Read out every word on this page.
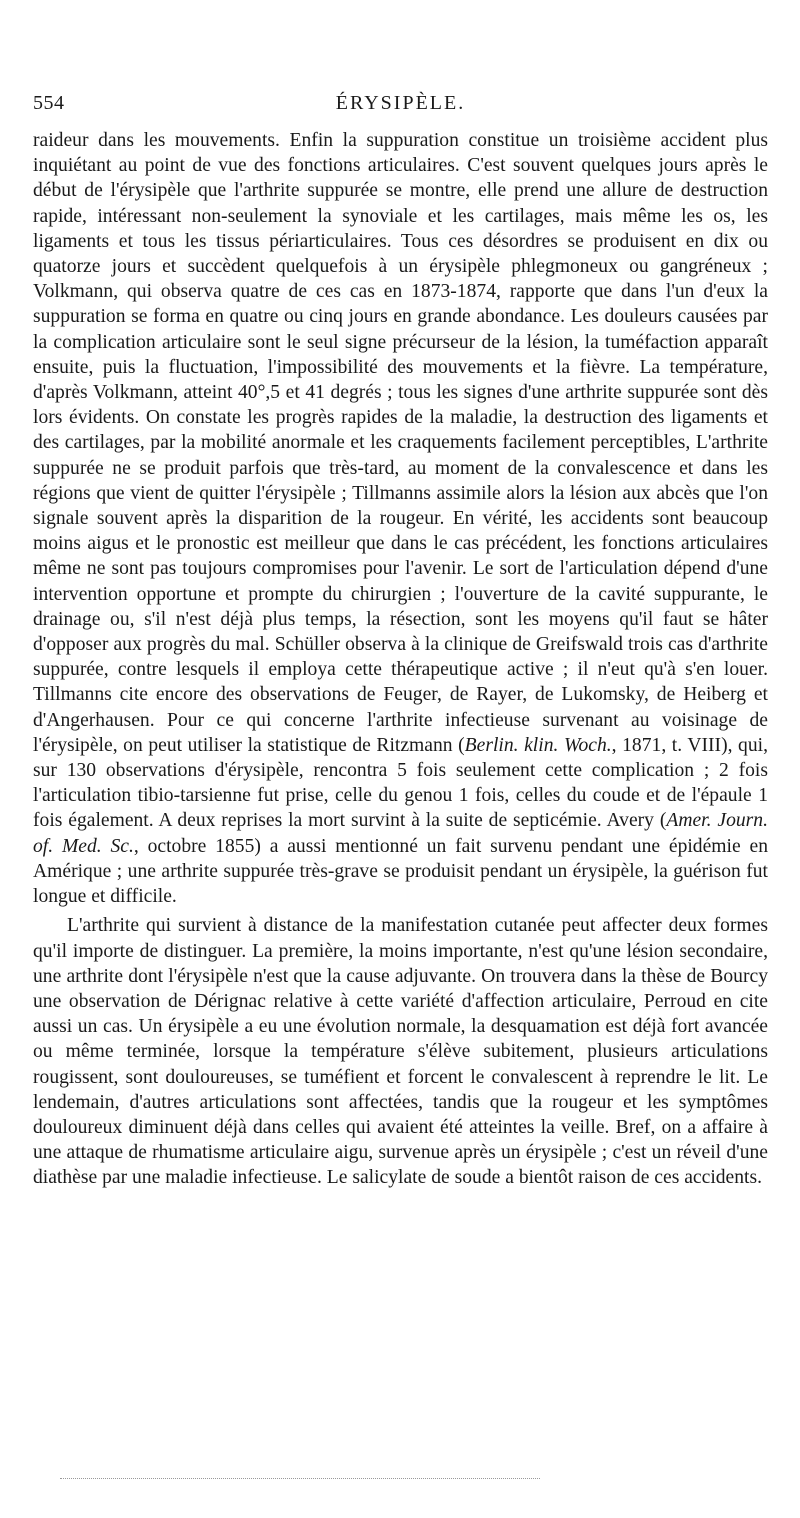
554	ÉRYSIPÈLE.

raideur dans les mouvements. Enfin la suppuration constitue un troisième accident plus inquiétant au point de vue des fonctions articulaires. C'est souvent quelques jours après le début de l'érysipèle que l'arthrite suppurée se montre, elle prend une allure de destruction rapide, intéressant non-seulement la synoviale et les cartilages, mais même les os, les ligaments et tous les tissus périarticulaires. Tous ces désordres se produisent en dix ou quatorze jours et succèdent quelquefois à un érysipèle phlegmoneux ou gangréneux ; Volkmann, qui observa quatre de ces cas en 1873-1874, rapporte que dans l'un d'eux la suppuration se forma en quatre ou cinq jours en grande abondance. Les douleurs causées par la complication articulaire sont le seul signe précurseur de la lésion, la tuméfaction apparaît ensuite, puis la fluctuation, l'impossibilité des mouvements et la fièvre. La température, d'après Volkmann, atteint 40°,5 et 41 degrés ; tous les signes d'une arthrite suppurée sont dès lors évidents. On constate les progrès rapides de la maladie, la destruction des ligaments et des cartilages, par la mobilité anormale et les craquements facilement perceptibles, L'arthrite suppurée ne se produit parfois que très-tard, au moment de la convalescence et dans les régions que vient de quitter l'érysipèle ; Tillmanns assimile alors la lésion aux abcès que l'on signale souvent après la disparition de la rougeur. En vérité, les accidents sont beaucoup moins aigus et le pronostic est meilleur que dans le cas précédent, les fonctions articulaires même ne sont pas toujours compromises pour l'avenir. Le sort de l'articulation dépend d'une intervention opportune et prompte du chirurgien ; l'ouverture de la cavité suppurante, le drainage ou, s'il n'est déjà plus temps, la résection, sont les moyens qu'il faut se hâter d'opposer aux progrès du mal. Schüller observa à la clinique de Greifswald trois cas d'arthrite suppurée, contre lesquels il employa cette thérapeutique active ; il n'eut qu'à s'en louer. Tillmanns cite encore des observations de Feuger, de Rayer, de Lukomsky, de Heiberg et d'Angerhausen. Pour ce qui concerne l'arthrite infectieuse survenant au voisinage de l'érysipèle, on peut utiliser la statistique de Ritzmann (Berlin. klin. Woch., 1871, t. VIII), qui, sur 130 observations d'érysipèle, rencontra 5 fois seulement cette complication ; 2 fois l'articulation tibio-tarsienne fut prise, celle du genou 1 fois, celles du coude et de l'épaule 1 fois également. A deux reprises la mort survint à la suite de septicémie. Avery (Amer. Journ. of. Med. Sc., octobre 1855) a aussi mentionné un fait survenu pendant une épidémie en Amérique ; une arthrite suppurée très-grave se produisit pendant un érysipèle, la guérison fut longue et difficile.

L'arthrite qui survient à distance de la manifestation cutanée peut affecter deux formes qu'il importe de distinguer. La première, la moins importante, n'est qu'une lésion secondaire, une arthrite dont l'érysipèle n'est que la cause adjuvante. On trouvera dans la thèse de Bourcy une observation de Dérignac relative à cette variété d'affection articulaire, Perroud en cite aussi un cas. Un érysipèle a eu une évolution normale, la desquamation est déjà fort avancée ou même terminée, lorsque la température s'élève subitement, plusieurs articulations rougissent, sont douloureuses, se tuméfient et forcent le convalescent à reprendre le lit. Le lendemain, d'autres articulations sont affectées, tandis que la rougeur et les symptômes douloureux diminuent déjà dans celles qui avaient été atteintes la veille. Bref, on a affaire à une attaque de rhumatisme articulaire aigu, survenue après un érysipèle ; c'est un réveil d'une diathèse par une maladie infectieuse. Le salicylate de soude a bientôt raison de ces accidents.
